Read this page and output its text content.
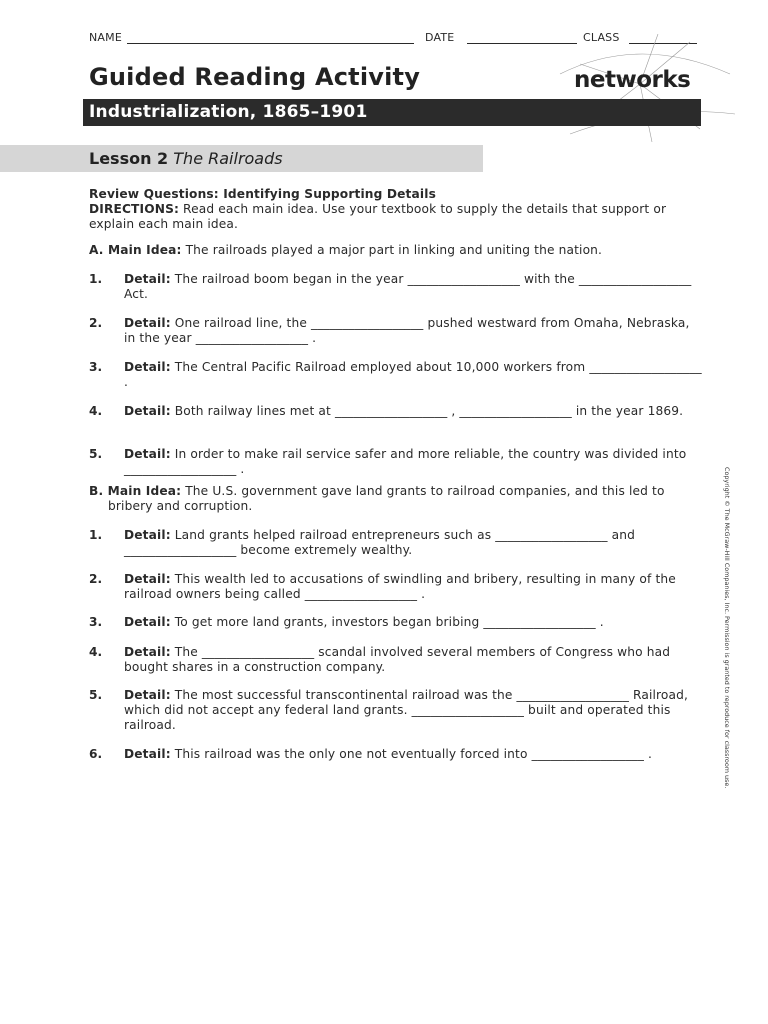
NAME	DATE	CLASS
Guided Reading Activity	networks
Industrialization, 1865–1901
Lesson 2 The Railroads
Review Questions: Identifying Supporting Details
DIRECTIONS: Read each main idea. Use your textbook to supply the details that support or explain each main idea.
A. Main Idea: The railroads played a major part in linking and uniting the nation.
1. Detail: The railroad boom began in the year __________________ with the __________________ Act.
2. Detail: One railroad line, the __________________ pushed westward from Omaha, Nebraska, in the year __________________ .
3. Detail: The Central Pacific Railroad employed about 10,000 workers from __________________ .
4. Detail: Both railway lines met at __________________ , __________________ in the year 1869.
5. Detail: In order to make rail service safer and more reliable, the country was divided into __________________ .
B. Main Idea: The U.S. government gave land grants to railroad companies, and this led to bribery and corruption.
1. Detail: Land grants helped railroad entrepreneurs such as __________________ and __________________ become extremely wealthy.
2. Detail: This wealth led to accusations of swindling and bribery, resulting in many of the railroad owners being called __________________ .
3. Detail: To get more land grants, investors began bribing __________________ .
4. Detail: The __________________ scandal involved several members of Congress who had bought shares in a construction company.
5. Detail: The most successful transcontinental railroad was the __________________ Railroad, which did not accept any federal land grants. __________________ built and operated this railroad.
6. Detail: This railroad was the only one not eventually forced into __________________ .	Copyright © The McGraw-Hill Companies, Inc. Permission is granted to reproduce for classroom use.
